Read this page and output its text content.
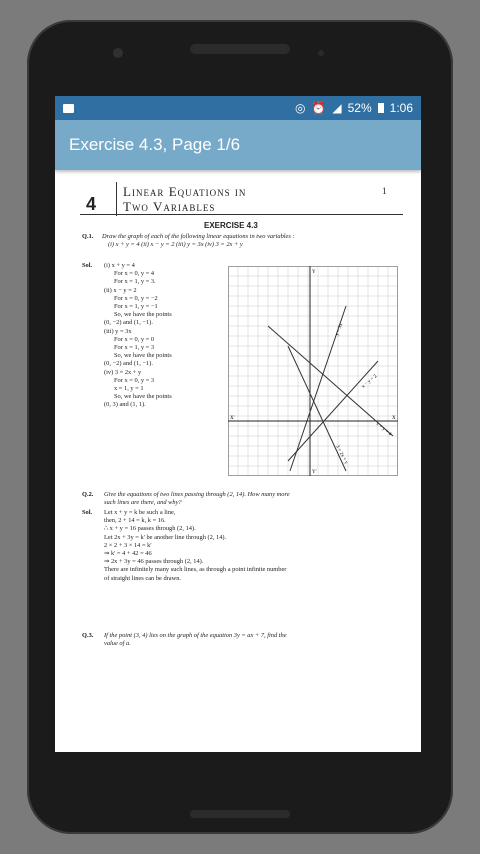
◎ ⏰ ◢ 52% 1:06
Exercise 4.3, Page 1/6
4
Linear Equations in
Two Variables
1
EXERCISE 4.3
Q.1. Draw the graph of each of the following linear equations in two variables :
(i) x + y = 4 (ii) x − y = 2 (iii) y = 3x (iv) 3 = 2x + y
Sol. (i) x + y = 4
For x = 0, y = 4
For x = 1, y = 3.
(ii) x − y = 2
For x = 0, y = −2
For x = 1, y = −1
So, we have the points
(0, −2) and (1, −1).
(iii) y = 3x
For x = 0, y = 0
For x = 1, y = 3
So, we have the points
(0, −2) and (1, −1).
(iv) 3 = 2x + y
For x = 0, y = 3
x = 1, y = 1
So, we have the points
(0, 3) and (1, 1).
y = 3x
x − y = 2
x + y = 4
3 = 2x + y
X'	X
Y
Y'
Q.2. Give the equations of two lines passing through (2, 14). How many more
such lines are there, and why?
Sol. Let x + y = k be such a line,
then, 2 + 14 = k, k = 16.
∴ x + y = 16 passes through (2, 14).
Let 2x + 3y = k' be another line through (2, 14).
2 × 2 + 3 × 14 = k'
⇒ k' = 4 + 42 = 46
⇒ 2x + 3y = 46 passes through (2, 14).
There are infinitely many such lines, as through a point infinite number
of straight lines can be drawn.
Q.3. If the point (3, 4) lies on the graph of the equation 3y = ax + 7, find the
value of a.
